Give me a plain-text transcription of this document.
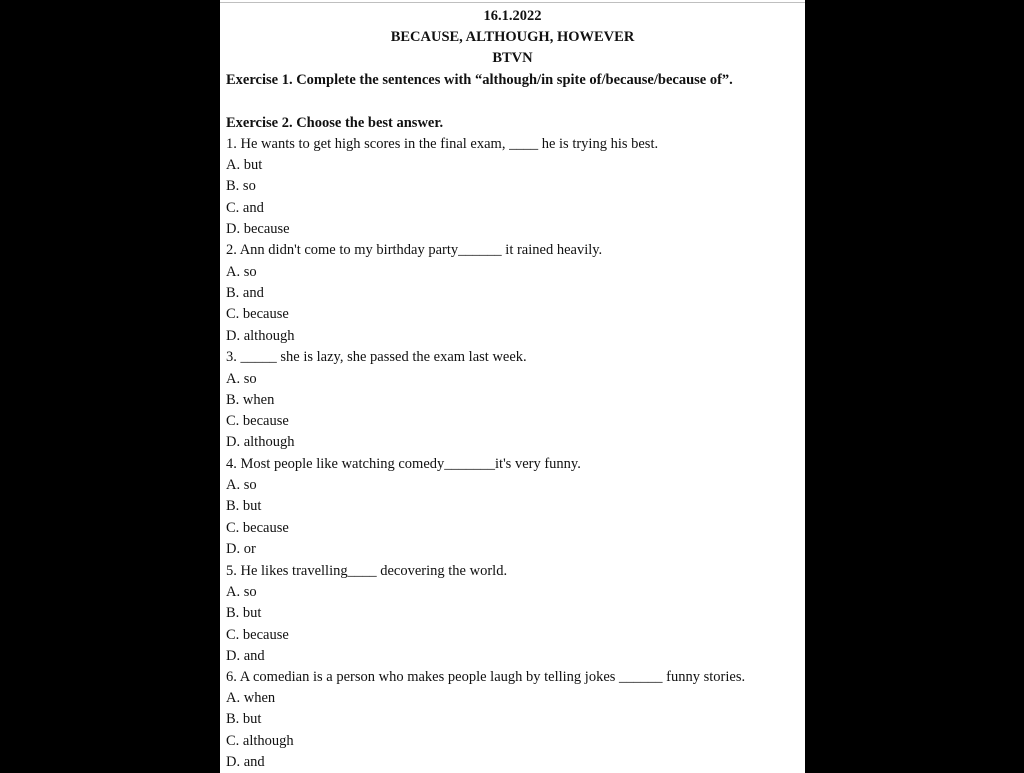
16.1.2022
BECAUSE, ALTHOUGH, HOWEVER
BTVN
Exercise 1. Complete the sentences with “although/in spite of/because/because of”.
Exercise 2. Choose the best answer.
1. He wants to get high scores in the final exam, ____ he is trying his best.
A. but
B. so
C. and
D. because
2. Ann didn't come to my birthday party______ it rained heavily.
A. so
B. and
C. because
D. although
3. _____ she is lazy, she passed the exam last week.
A. so
B. when
C. because
D. although
4. Most people like watching comedy_______it's very funny.
A. so
B. but
C. because
D. or
5. He likes travelling____ decovering the world.
A. so
B. but
C. because
D. and
6. A comedian is a person who makes people laugh by telling jokes ______ funny stories.
A. when
B. but
C. although
D. and
